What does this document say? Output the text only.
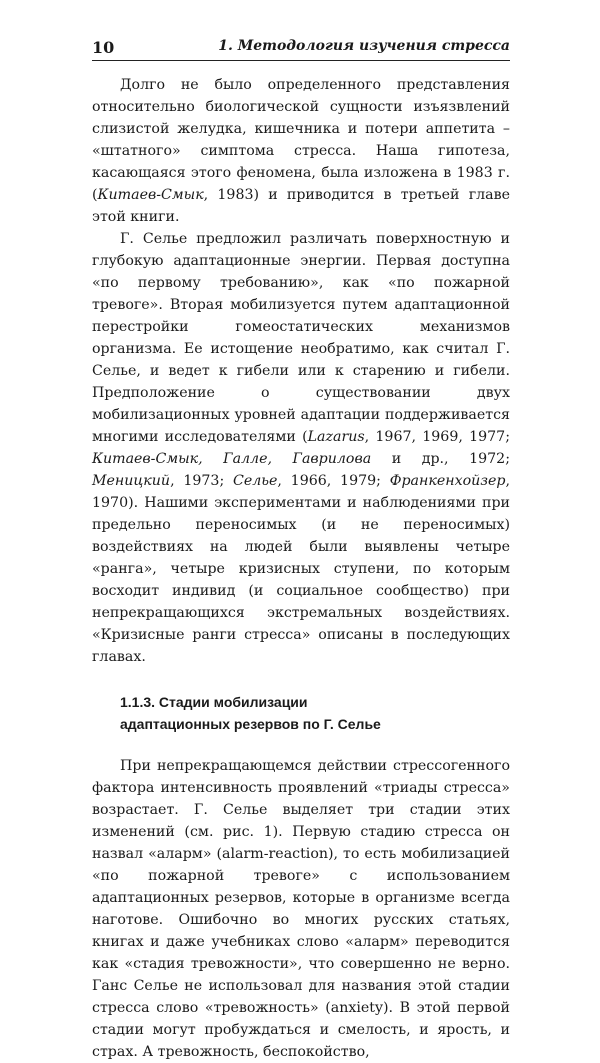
10	1. Методология изучения стресса

Долго не было определенного представления относительно биологической сущности изъязвлений слизистой желудка, кишечника и потери аппетита – «штатного» симптома стресса. Наша гипотеза, касающаяся этого феномена, была изложена в 1983 г. (Китаев-Смык, 1983) и приводится в третьей главе этой книги.

Г. Селье предложил различать поверхностную и глубокую адаптационные энергии. Первая доступна «по первому требованию», как «по пожарной тревоге». Вторая мобилизуется путем адаптационной перестройки гомеостатических механизмов организма. Ее истощение необратимо, как считал Г. Селье, и ведет к гибели или к старению и гибели. Предположение о существовании двух мобилизационных уровней адаптации поддерживается многими исследователями (Lazarus, 1967, 1969, 1977; Китаев-Смык, Галле, Гаврилова и др., 1972; Меницкий, 1973; Селье, 1966, 1979; Франкенхойзер, 1970). Нашими экспериментами и наблюдениями при предельно переносимых (и не переносимых) воздействиях на людей были выявлены четыре «ранга», четыре кризисных ступени, по которым восходит индивид (и социальное сообщество) при непрекращающихся экстремальных воздействиях. «Кризисные ранги стресса» описаны в последующих главах.

1.1.3. Стадии мобилизации
адаптационных резервов по Г. Селье

При непрекращающемся действии стрессогенного фактора интенсивность проявлений «триады стресса» возрастает. Г. Селье выделяет три стадии этих изменений (см. рис. 1). Первую стадию стресса он назвал «аларм» (alarm-reaction), то есть мобилизацией «по пожарной тревоге» с использованием адаптационных резервов, которые в организме всегда наготове. Ошибочно во многих русских статьях, книгах и даже учебниках слово «аларм» переводится как «стадия тревожности», что совершенно не верно. Ганс Селье не использовал для названия этой стадии стресса слово «тревожность» (anxiety). В этой первой стадии могут пробуждаться и смелость, и ярость, и страх. А тревожность, беспокойство,
